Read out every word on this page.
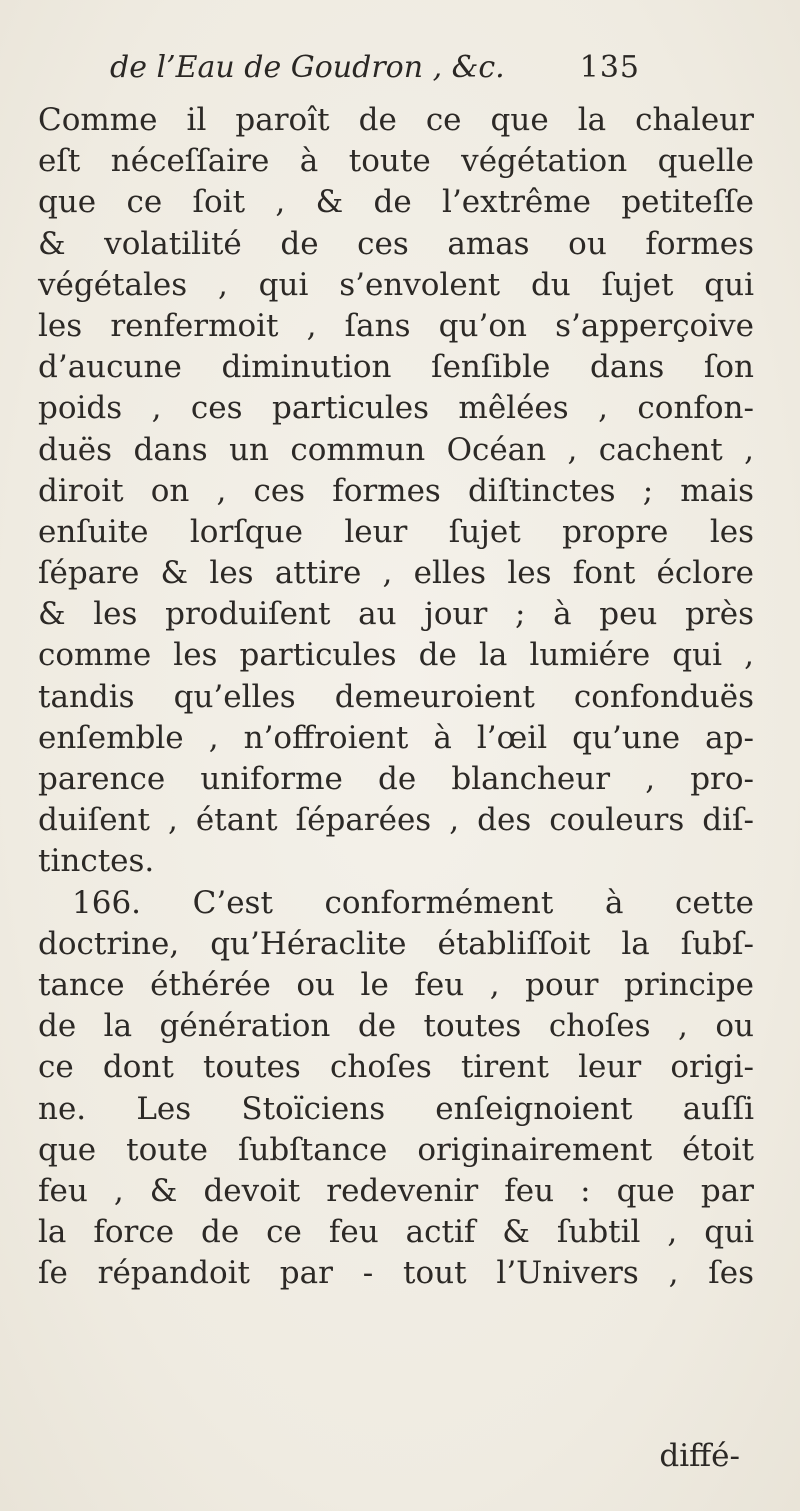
de l’Eau de Goudron , &c.	135
Comme il paroît de ce que la chaleur
eſt néceſſaire à toute végétation quelle
que ce ſoit , & de l’extrême petiteſſe
& volatilité de ces amas ou formes
végétales , qui s’envolent du ſujet qui
les renfermoit , ſans qu’on s’apperçoive
d’aucune diminution ſenſible dans ſon
poids , ces particules mêlées , confon-
duës dans un commun Océan , cachent ,
diroit on , ces formes diſtinctes ; mais
enſuite lorſque leur ſujet propre les
ſépare & les attire , elles les font éclore
& les produiſent au jour ; à peu près
comme les particules de la lumiére qui ,
tandis qu’elles demeuroient confonduës
enſemble , n’offroient à l’œil qu’une ap-
parence uniforme de blancheur , pro-
duiſent , étant ſéparées , des couleurs diſ-
tinctes.
166. C’est conformément à cette
doctrine, qu’Héraclite établiſſoit la ſubſ-
tance éthérée ou le feu , pour principe
de la génération de toutes choſes , ou
ce dont toutes choſes tirent leur origi-
ne. Les Stoïciens enſeignoient auſſi
que toute ſubſtance originairement étoit
feu , & devoit redevenir feu : que par
la force de ce feu actif & ſubtil , qui
ſe répandoit par - tout l’Univers , ſes
diffé-
